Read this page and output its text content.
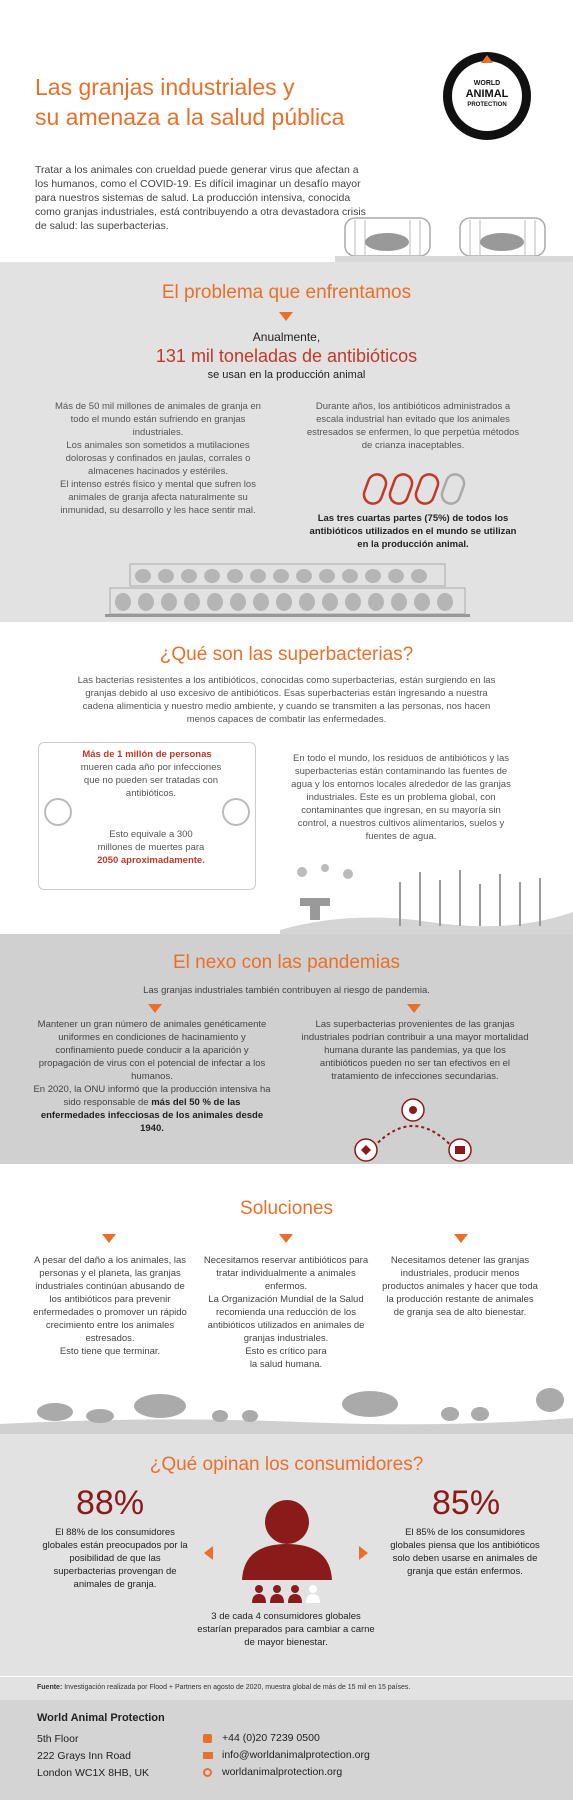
Las granjas industriales y
su amenaza a la salud pública
WORLD
ANIMAL
PROTECTION
Tratar a los animales con crueldad puede generar virus que afectan a los humanos, como el COVID-19. Es difícil imaginar un desafío mayor para nuestros sistemas de salud. La producción intensiva, conocida como granjas industriales, está contribuyendo a otra devastadora crisis de salud: las superbacterias.
El problema que enfrentamos
Anualmente,
131 mil toneladas de antibióticos
se usan en la producción animal
Más de 50 mil millones de animales de granja en todo el mundo están sufriendo en granjas industriales.
Los animales son sometidos a mutilaciones dolorosas y confinados en jaulas, corrales o almacenes hacinados y estériles.
El intenso estrés físico y mental que sufren los animales de granja afecta naturalmente su inmunidad, su desarrollo y les hace sentir mal.
Durante años, los antibióticos administrados a escala industrial han evitado que los animales estresados se enfermen, lo que perpetúa métodos de crianza inaceptables.
Las tres cuartas partes (75%) de todos los antibióticos utilizados en el mundo se utilizan en la producción animal.
¿Qué son las superbacterias?
Las bacterias resistentes a los antibióticos, conocidas como superbacterias, están surgiendo en las granjas debido al uso excesivo de antibióticos. Esas superbacterias están ingresando a nuestra cadena alimenticia y nuestro medio ambiente, y cuando se transmiten a las personas, nos hacen menos capaces de combatir las enfermedades.
Más de 1 millón de personas
mueren cada año por infecciones que no pueden ser tratadas con antibióticos.
Esto equivale a 300 millones de muertes para
2050 aproximadamente.
En todo el mundo, los residuos de antibióticos y las superbacterias están contaminando las fuentes de agua y los entornos locales alrededor de las granjas industriales. Este es un problema global, con contaminantes que ingresan, en su mayoría sin control, a nuestros cultivos alimentarios, suelos y fuentes de agua.
El nexo con las pandemias
Las granjas industriales también contribuyen al riesgo de pandemia.
Mantener un gran número de animales genéticamente uniformes en condiciones de hacinamiento y confinamiento puede conducir a la aparición y propagación de virus con el potencial de infectar a los humanos.
En 2020, la ONU informó que la producción intensiva ha sido responsable de más del 50 % de las enfermedades infecciosas de los animales desde 1940.
Las superbacterias provenientes de las granjas industriales podrían contribuir a una mayor mortalidad humana durante las pandemias, ya que los antibióticos pueden no ser tan efectivos en el tratamiento de infecciones secundarias.
Soluciones
A pesar del daño a los animales, las personas y el planeta, las granjas industriales continúan abusando de los antibióticos para prevenir enfermedades o promover un rápido crecimiento entre los animales estresados.
Esto tiene que terminar.
Necesitamos reservar antibióticos para tratar individualmente a animales enfermos.
La Organización Mundial de la Salud recomienda una reducción de los antibióticos utilizados en animales de granjas industriales.
Esto es crítico para
la salud humana.
Necesitamos detener las granjas industriales, producir menos productos animales y hacer que toda la producción restante de animales de granja sea de alto bienestar.
¿Qué opinan los consumidores?
88%
El 88% de los consumidores globales están preocupados por la posibilidad de que las superbacterias provengan de animales de granja.
85%
El 85% de los consumidores globales piensa que los antibióticos solo deben usarse en animales de granja que están enfermos.
3 de cada 4 consumidores globales estarían preparados para cambiar a carne de mayor bienestar.
Fuente: Investigación realizada por Flood + Partners en agosto de 2020, muestra global de más de 15 mil en 15 países.
World Animal Protection
5th Floor
222 Grays Inn Road
London WC1X 8HB, UK
+44 (0)20 7239 0500
info@worldanimalprotection.org
worldanimalprotection.org
